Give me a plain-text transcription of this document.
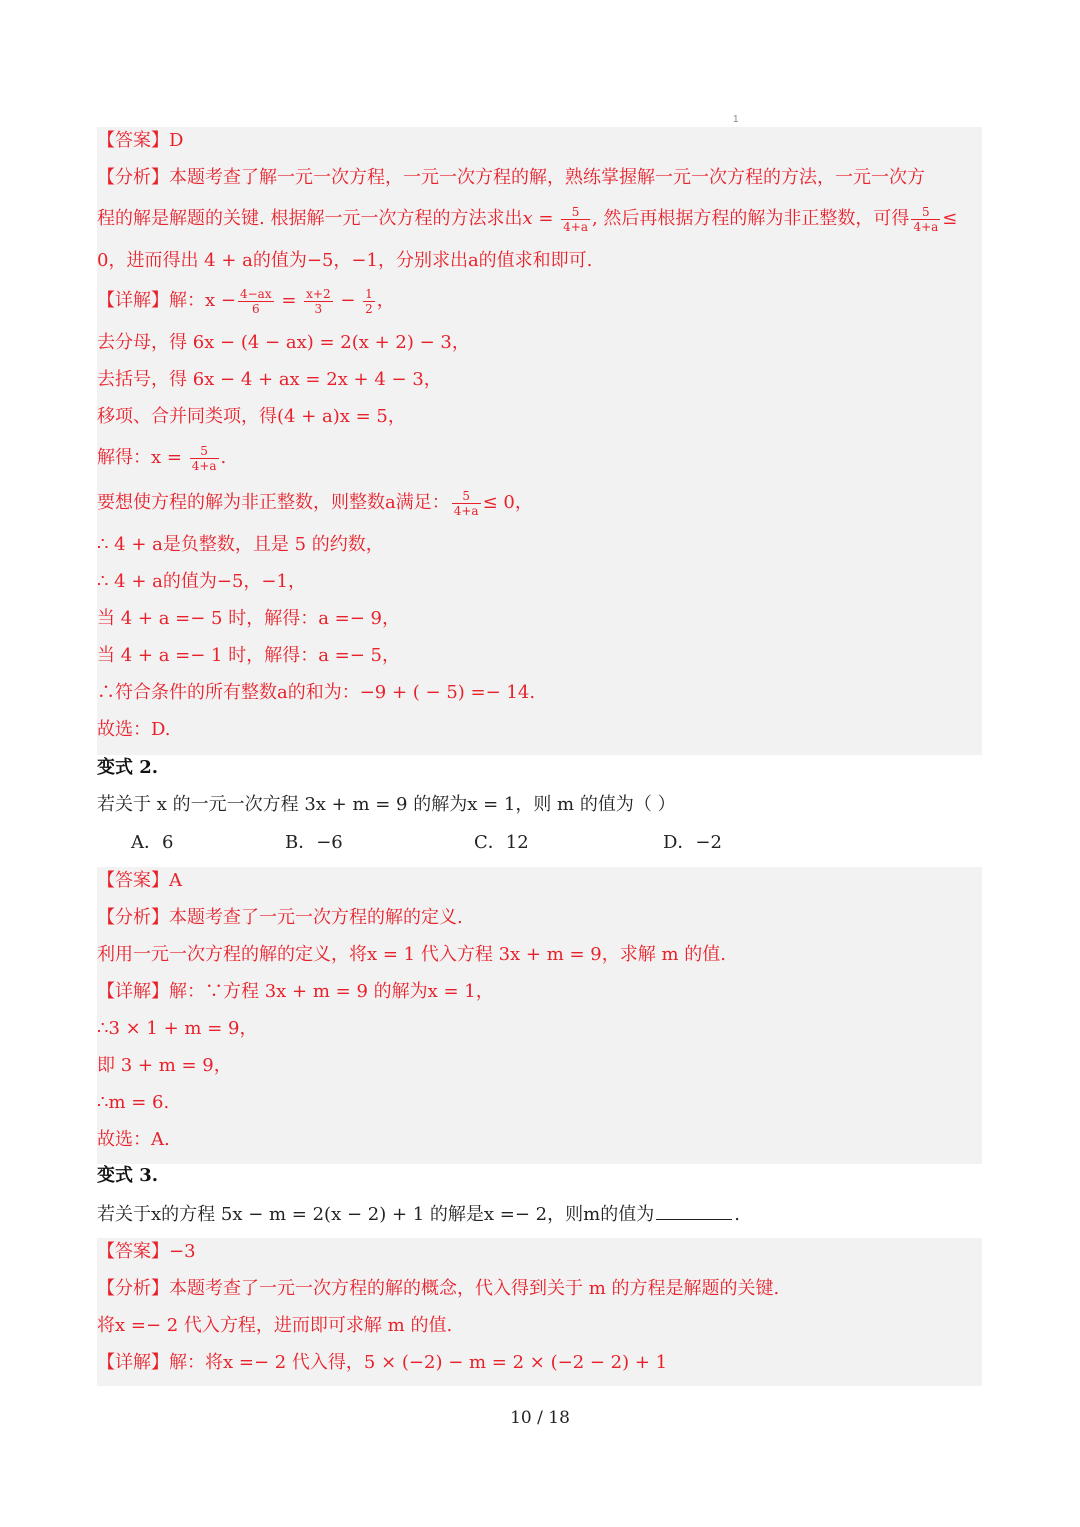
1
【答案】D
【分析】本题考查了解一元一次方程，一元一次方程的解，熟练掌握解一元一次方程的方法，一元一次方
程的解是解题的关键. 根据解一元一次方程的方法求出$x = \frac{5}{4+a}$ , 然后再根据方程的解为非正整数，可得 $\frac{5}{4+a}$ ≤
0，进而得出 4 + a的值为−5，−1，分别求出a的值求和即可.
【详解】解：$x - \frac{4-ax}{6} = \frac{x+2}{3} - \frac{1}{2}$ ，
去分母，得 6x − (4 − ax) = 2(x + 2) − 3，
去括号，得 6x − 4 + ax = 2x + 4 − 3，
移项、合并同类项，得(4 + a)x = 5，
解得：$x = \frac{5}{4+a}$ .
要想使方程的解为非正整数，则整数a满足： $\frac{5}{4+a} \le 0$，
∴ 4 + a是负整数，且是 5 的约数，
∴ 4 + a的值为−5，−1，
当 4 + a =− 5 时，解得：a =− 9，
当 4 + a =− 1 时，解得：a =− 5，
∴符合条件的所有整数a的和为：−9 + ( − 5) =− 14.
故选：D.
变式 2.
若关于 x 的一元一次方程 3x + m = 9 的解为x = 1，则 m 的值为（ ）
A．6	B．−6	C．12	D．−2
【答案】A
【分析】本题考查了一元一次方程的解的定义.
利用一元一次方程的解的定义，将x = 1 代入方程 3x + m = 9，求解 m 的值.
【详解】解：∵方程 3x + m = 9 的解为x = 1，
∴3 × 1 + m = 9，
即 3 + m = 9，
∴m = 6.
故选：A.
变式 3.
若关于x的方程 5x − m = 2(x − 2) + 1 的解是x =− 2，则m的值为	.
【答案】−3
【分析】本题考查了一元一次方程的解的概念，代入得到关于 m 的方程是解题的关键.
将x =− 2 代入方程，进而即可求解 m 的值.
【详解】解：将x =− 2 代入得，5 × (−2) − m = 2 × (−2 − 2) + 1
10 / 18
